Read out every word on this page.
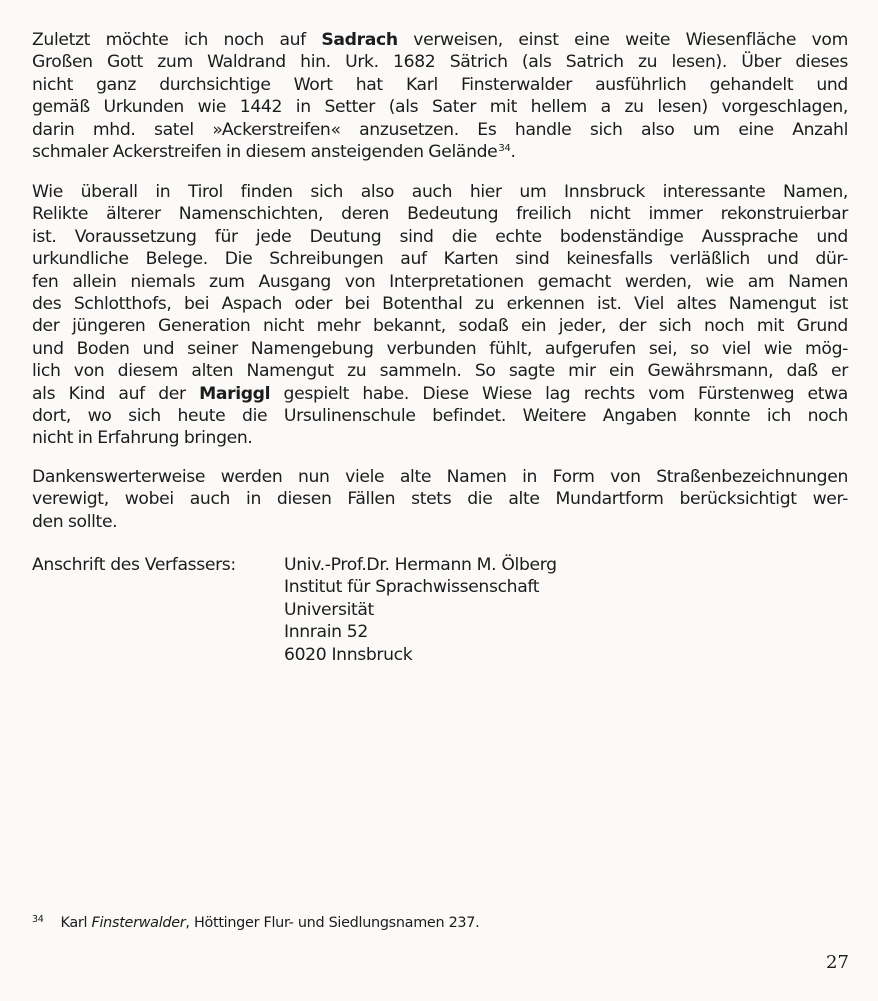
Zuletzt möchte ich noch auf Sadrach verweisen, einst eine weite Wiesenfläche vom
Großen Gott zum Waldrand hin. Urk. 1682 Sätrich (als Satrich zu lesen). Über dieses
nicht ganz durchsichtige Wort hat Karl Finsterwalder ausführlich gehandelt und
gemäß Urkunden wie 1442 in Setter (als Sater mit hellem a zu lesen) vorgeschlagen,
darin mhd. satel »Ackerstreifen« anzusetzen. Es handle sich also um eine Anzahl
schmaler Ackerstreifen in diesem ansteigenden Gelände$^{34}$.

Wie überall in Tirol finden sich also auch hier um Innsbruck interessante Namen,
Relikte älterer Namenschichten, deren Bedeutung freilich nicht immer rekonstruierbar
ist. Voraussetzung für jede Deutung sind die echte bodenständige Aussprache und
urkundliche Belege. Die Schreibungen auf Karten sind keinesfalls verläßlich und dür-
fen allein niemals zum Ausgang von Interpretationen gemacht werden, wie am Namen
des Schlotthofs, bei Aspach oder bei Botenthal zu erkennen ist. Viel altes Namengut ist
der jüngeren Generation nicht mehr bekannt, sodaß ein jeder, der sich noch mit Grund
und Boden und seiner Namengebung verbunden fühlt, aufgerufen sei, so viel wie mög-
lich von diesem alten Namengut zu sammeln. So sagte mir ein Gewährsmann, daß er
als Kind auf der Mariggl gespielt habe. Diese Wiese lag rechts vom Fürstenweg etwa
dort, wo sich heute die Ursulinenschule befindet. Weitere Angaben konnte ich noch
nicht in Erfahrung bringen.

Dankenswerterweise werden nun viele alte Namen in Form von Straßenbezeichnungen
verewigt, wobei auch in diesen Fällen stets die alte Mundartform berücksichtigt wer-
den sollte.

Anschrift des Verfassers:	Univ.-Prof.Dr. Hermann M. Ölberg
Institut für Sprachwissenschaft
Universität
Innrain 52
6020 Innsbruck
$^{34}$ Karl Finsterwalder, Höttinger Flur- und Siedlungsnamen 237.
27
